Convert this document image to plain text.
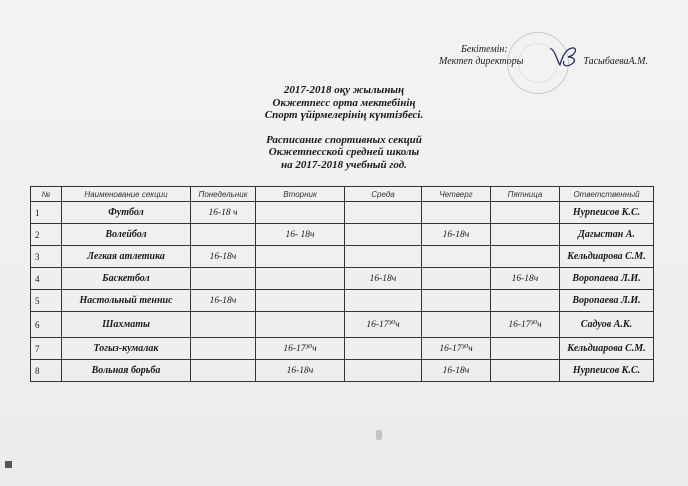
Бекітемін:
Мектеп директоры	ТасыбаеваА.М.
2017-2018 оқу жылының
Окжетпесс орта мектебінің
Спорт үйірмелерінің күнтізбесі.
Расписание спортивных секций
Окжетпесской средней школы
на 2017-2018 учебный год.
№	Наименование секции	Понедельник	Вторник	Среда	Четверг	Пятница	Ответственный
1	Футбол	16-18 ч					Нурпеисов К.С.
2	Волейбол		16- 18ч		16-18ч		Дагыстан А.
3	Легкая атлетика	16-18ч					Кельдиарова С.М.
4	Баскетбол			16-18ч		16-18ч	Воропаева Л.И.
5	Настольный теннис	16-18ч					Воропаева Л.И.
6	Шахматы			16-17³⁰ч		16-17³⁰ч	Садуов А.К.
7	Тогыз-кумалак		16-17³⁰ч		16-17³⁰ч		Кельдиарова С.М.
8	Вольная борьба		16-18ч		16-18ч		Нурпеисов К.С.
